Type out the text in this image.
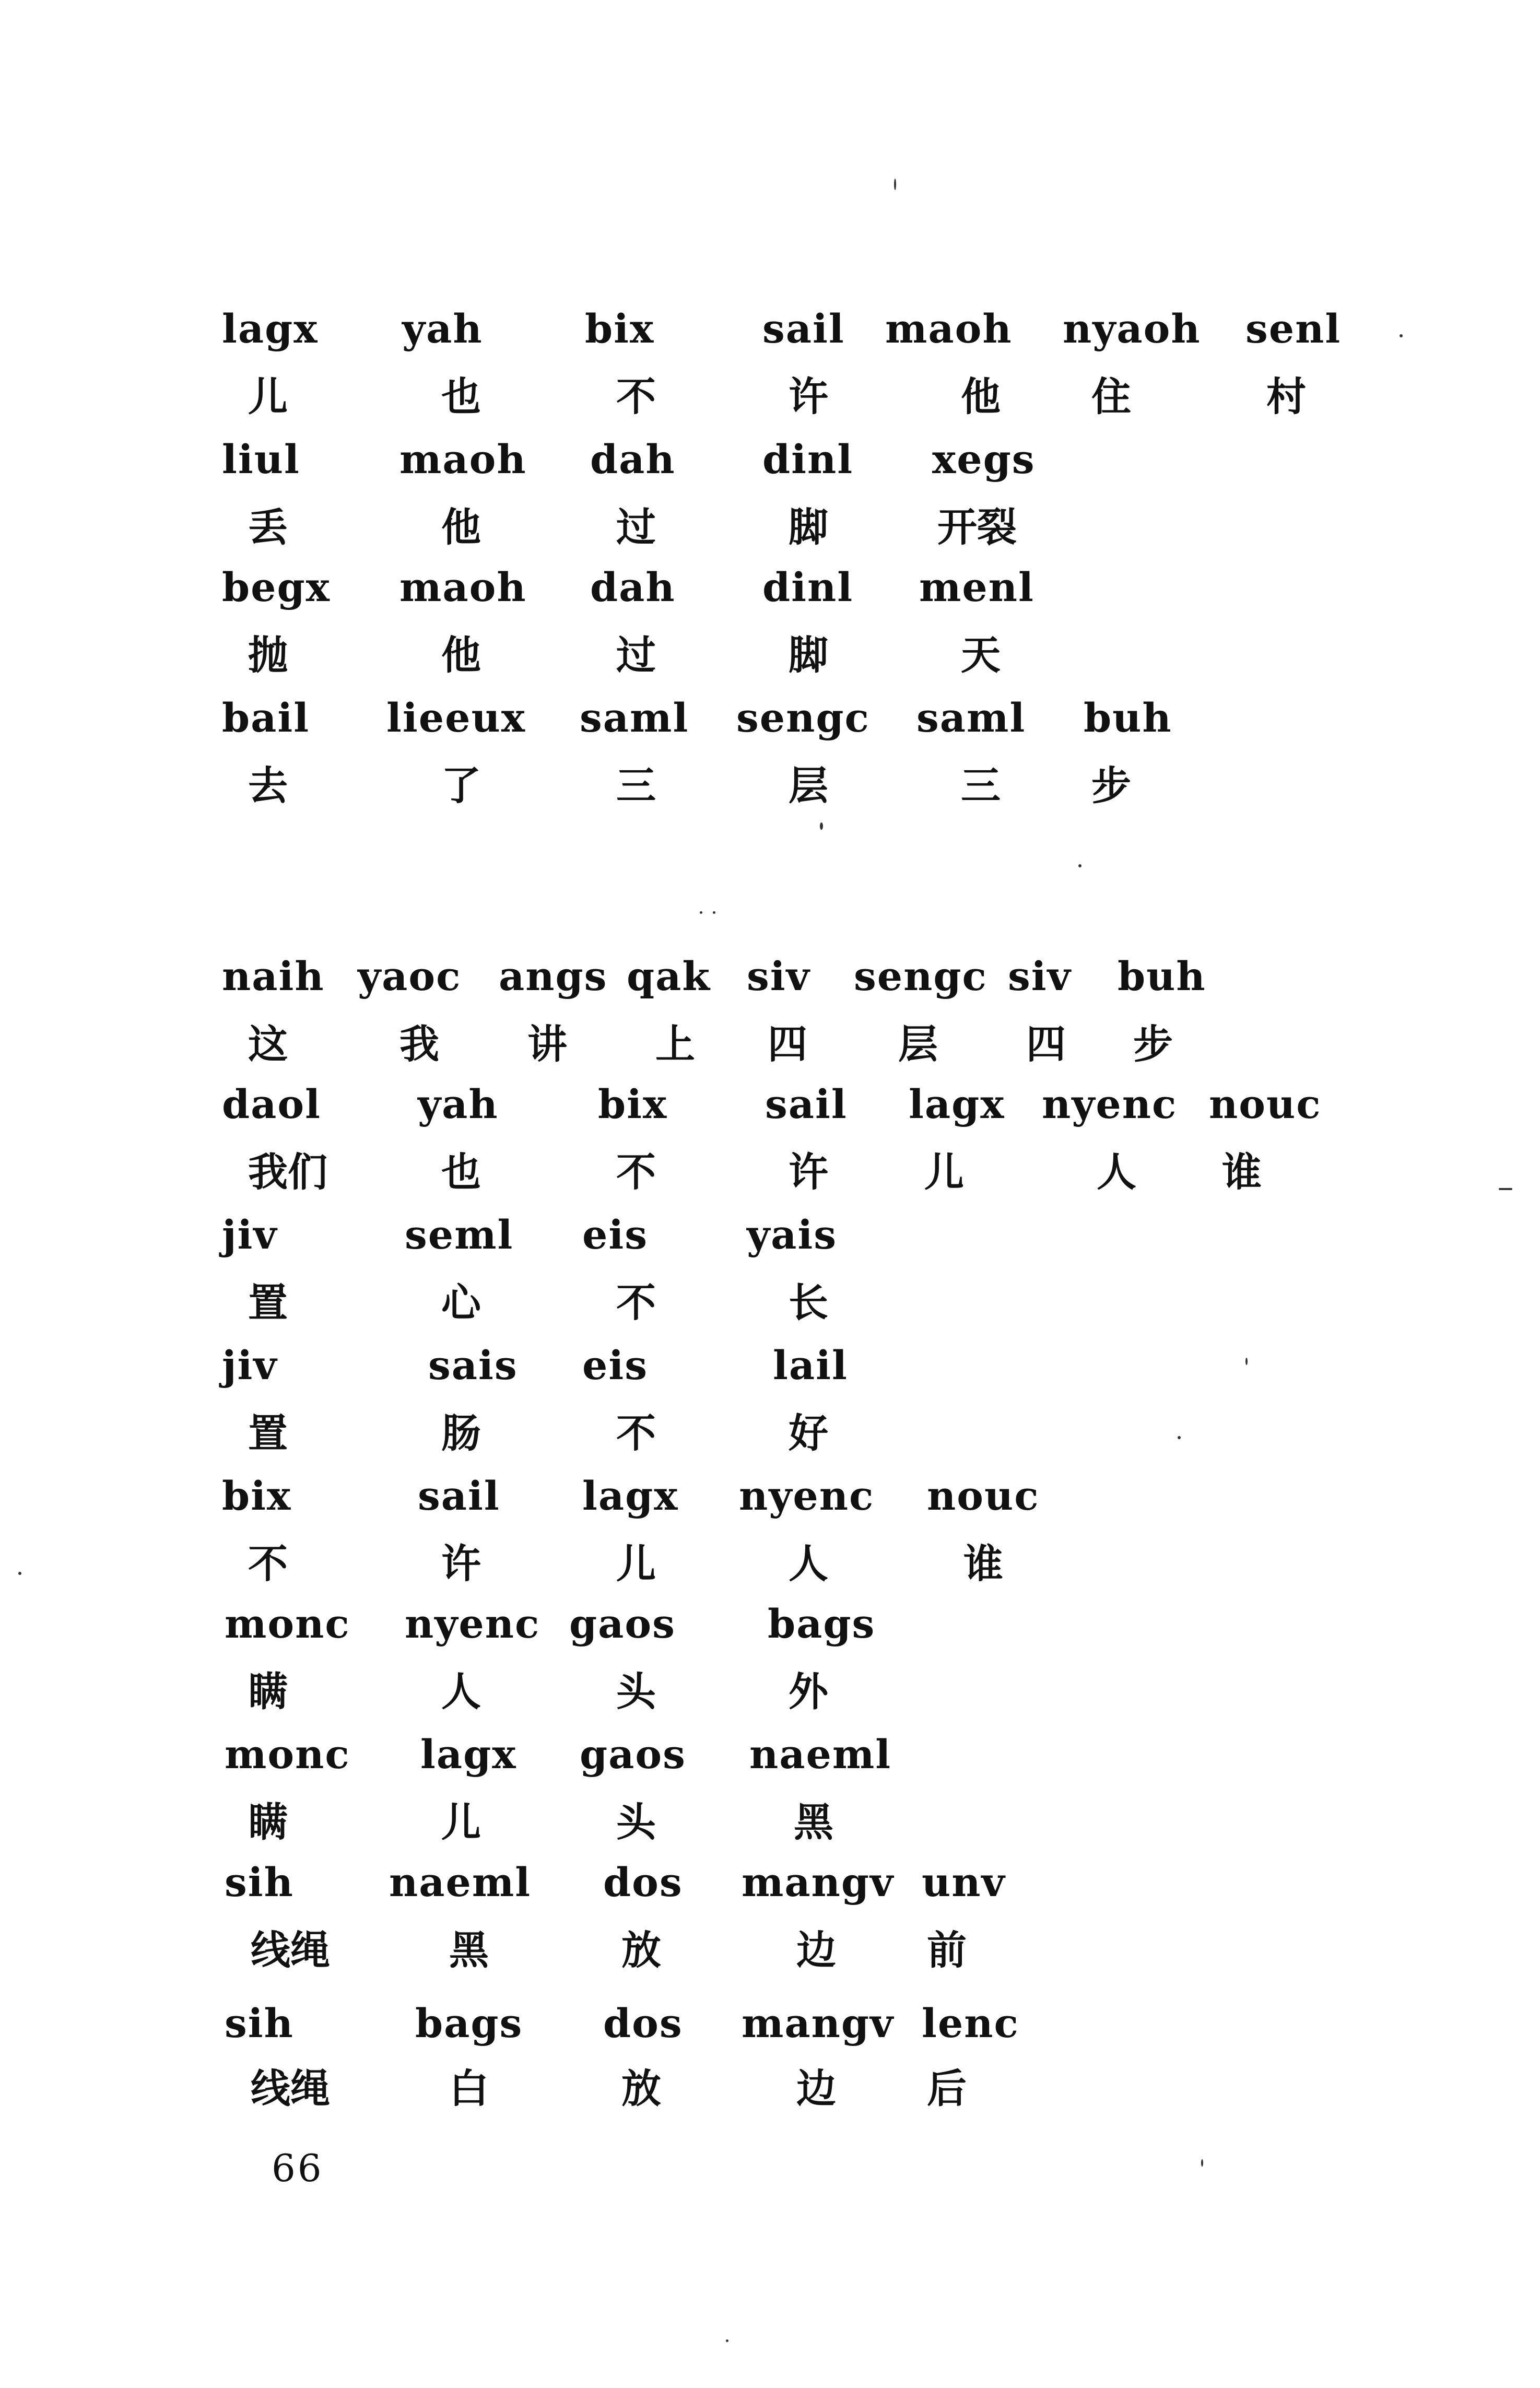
lagx yah	bix	sail maoh nyaoh senl
儿	也	不	许	他 住	村
liul	maoh dah dinl xegs
丢	他	过	脚	开裂
begx maoh dah dinl menl
抛	他	过	脚	天
bail lieeux saml sengc saml buh
去	了	三	层	三 步
naih yaoc angs qak siv sengc siv buh
这	我 讲 上 四 层 四 步
daol yah	bix sail lagx nyenc nouc
我们	也	不	许 儿	人 谁
jiv	seml eis yais
置	心	不	长
jiv	sais eis	lail
置	肠	不	好
bix	sail lagx nyenc nouc
不	许	儿	人	谁
monc nyenc gaos bags
瞒	人	头	外
monc lagx gaos naeml
瞒	儿	头	黑
sih naeml dos mangv unv
线绳	黑	放	边 前
sih	bags dos mangv lenc
线绳	白	放	边 后
66
